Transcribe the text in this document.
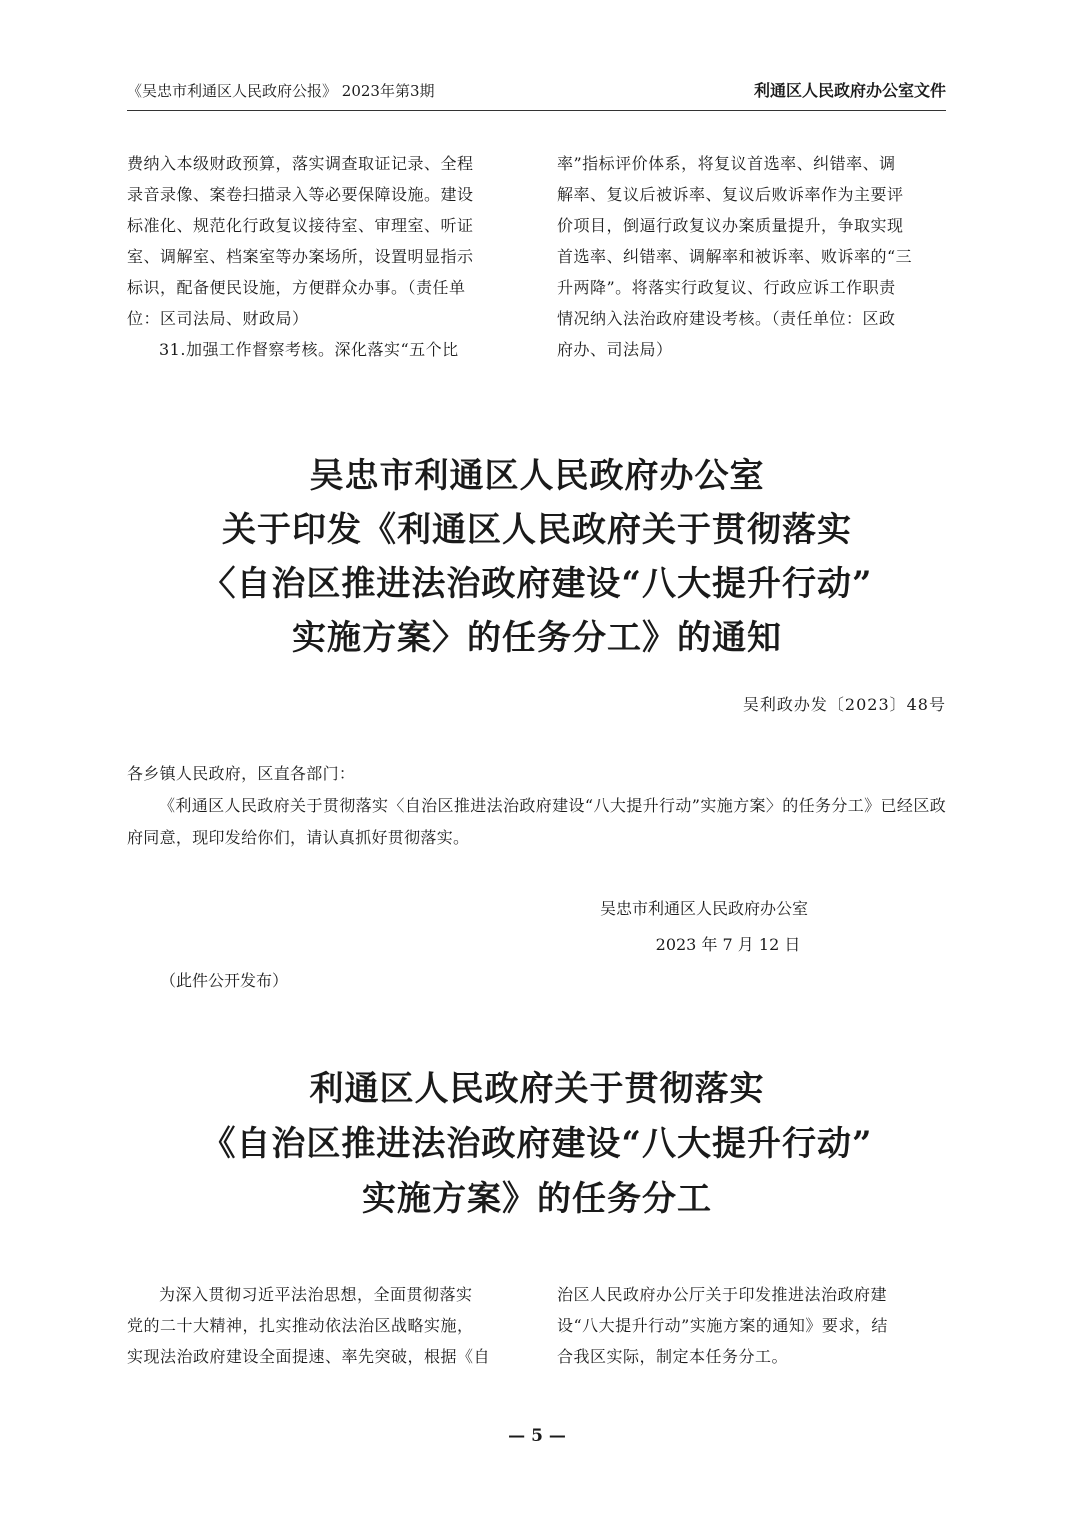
《吴忠市利通区人民政府公报》 2023年第3期	利通区人民政府办公室文件

费纳入本级财政预算，落实调查取证记录、全程

录音录像、案卷扫描录入等必要保障设施。建设

标准化、规范化行政复议接待室、审理室、听证

室、调解室、档案室等办案场所，设置明显指示

标识，配备便民设施，方便群众办事。（责任单

位：区司法局、财政局）

31.加强工作督察考核。深化落实“五个比

率”指标评价体系，将复议首选率、纠错率、调

解率、复议后被诉率、复议后败诉率作为主要评

价项目，倒逼行政复议办案质量提升，争取实现

首选率、纠错率、调解率和被诉率、败诉率的“三

升两降”。将落实行政复议、行政应诉工作职责

情况纳入法治政府建设考核。（责任单位：区政

府办、司法局）

吴忠市利通区人民政府办公室
关于印发《利通区人民政府关于贯彻落实
〈自治区推进法治政府建设“八大提升行动”
实施方案〉的任务分工》的通知
吴利政办发〔2023〕48号
各乡镇人民政府，区直各部门：
《利通区人民政府关于贯彻落实〈自治区推进法治政府建设“八大提升行动”实施方案〉的任务分工》已经区政府同意，现印发给你们，请认真抓好贯彻落实。
吴忠市利通区人民政府办公室
2023 年 7 月 12 日
（此件公开发布）
利通区人民政府关于贯彻落实
《自治区推进法治政府建设“八大提升行动”
实施方案》的任务分工

为深入贯彻习近平法治思想，全面贯彻落实

党的二十大精神，扎实推动依法治区战略实施，

实现法治政府建设全面提速、率先突破，根据《自

治区人民政府办公厅关于印发推进法治政府建

设“八大提升行动”实施方案的通知》要求，结

合我区实际，制定本任务分工。

— 5 —
